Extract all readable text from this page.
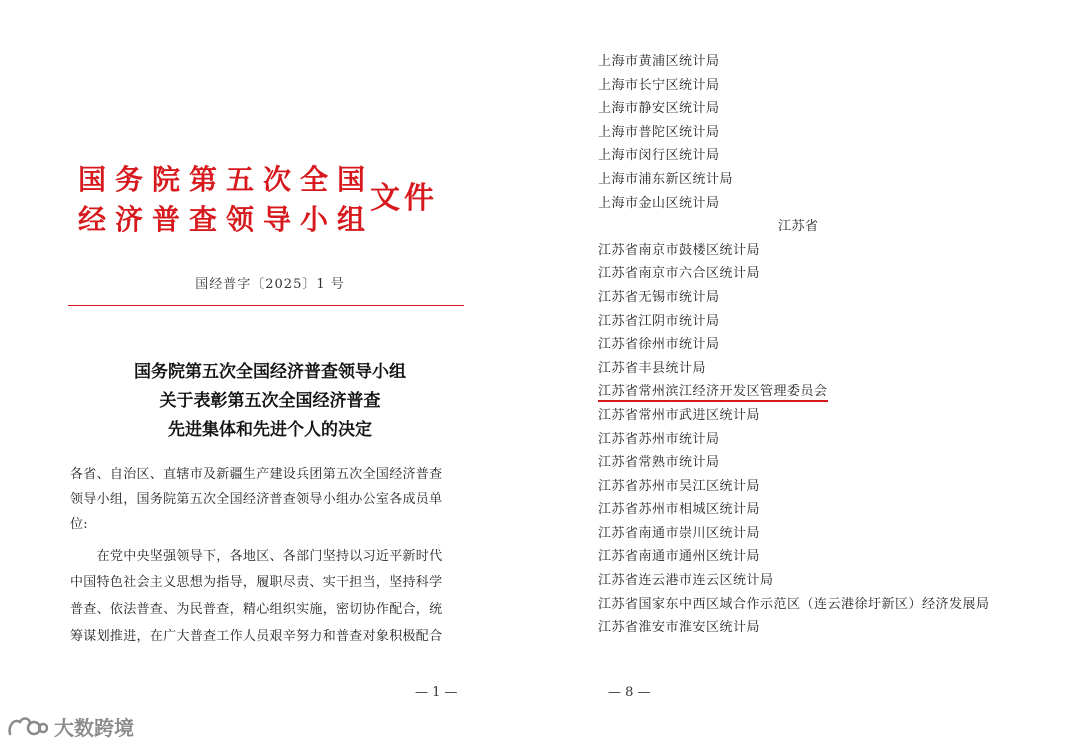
国务院第五次全国
经济普查领导小组
文件
国经普字〔2025〕1 号
国务院第五次全国经济普查领导小组
关于表彰第五次全国经济普查
先进集体和先进个人的决定
各省、自治区、直辖市及新疆生产建设兵团第五次全国经济普查
领导小组，国务院第五次全国经济普查领导小组办公室各成员单
位:
　　在党中央坚强领导下，各地区、各部门坚持以习近平新时代
中国特色社会主义思想为指导，履职尽责、实干担当，坚持科学
普查、依法普查、为民普查，精心组织实施，密切协作配合，统
筹谋划推进，在广大普查工作人员艰辛努力和普查对象积极配合
— 1 —
上海市黄浦区统计局
上海市长宁区统计局
上海市静安区统计局
上海市普陀区统计局
上海市闵行区统计局
上海市浦东新区统计局
上海市金山区统计局
江苏省
江苏省南京市鼓楼区统计局
江苏省南京市六合区统计局
江苏省无锡市统计局
江苏省江阴市统计局
江苏省徐州市统计局
江苏省丰县统计局
江苏省常州滨江经济开发区管理委员会
江苏省常州市武进区统计局
江苏省苏州市统计局
江苏省常熟市统计局
江苏省苏州市吴江区统计局
江苏省苏州市相城区统计局
江苏省南通市崇川区统计局
江苏省南通市通州区统计局
江苏省连云港市连云区统计局
江苏省国家东中西区域合作示范区（连云港徐圩新区）经济发展局
江苏省淮安市淮安区统计局
— 8 —
大数跨境
